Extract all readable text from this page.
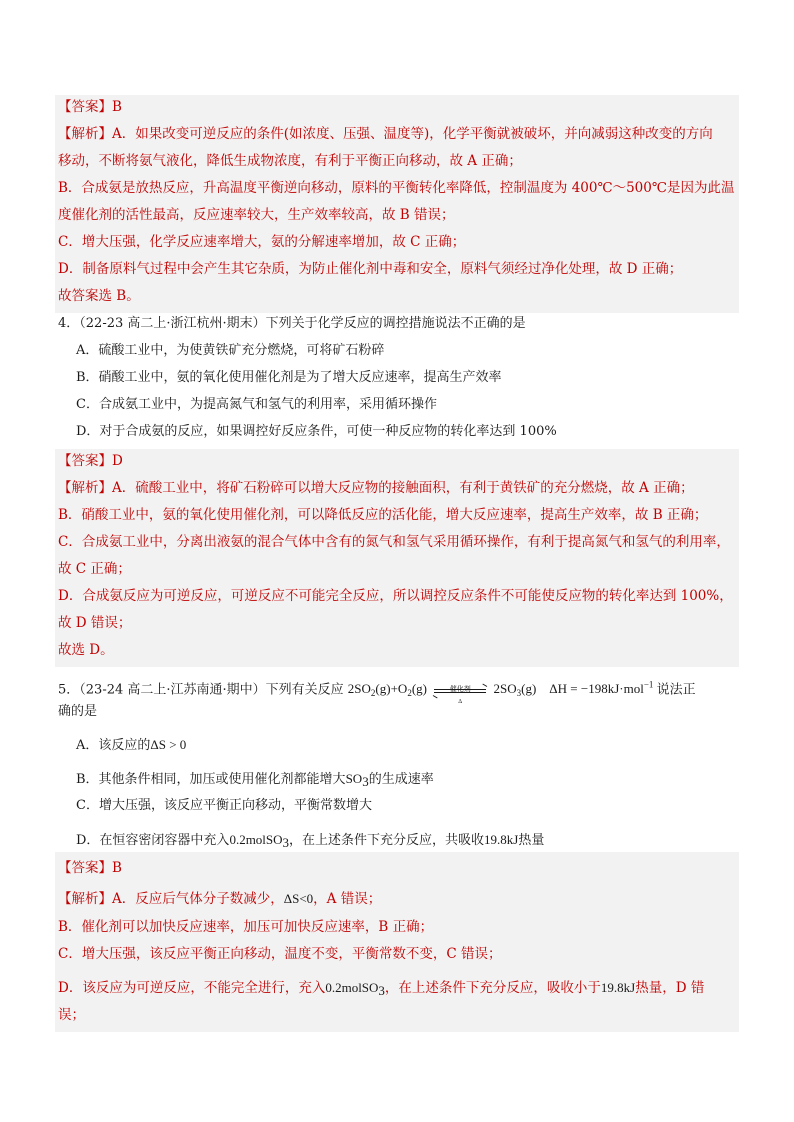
【答案】B
【解析】A．如果改变可逆反应的条件(如浓度、压强、温度等)，化学平衡就被破坏，并向减弱这种改变的方向
移动，不断将氨气液化，降低生成物浓度，有利于平衡正向移动，故 A 正确；
B．合成氨是放热反应，升高温度平衡逆向移动，原料的平衡转化率降低，控制温度为 400℃～500℃是因为此温
度催化剂的活性最高，反应速率较大，生产效率较高，故 B 错误；
C．增大压强，化学反应速率增大，氨的分解速率增加，故 C 正确；
D．制备原料气过程中会产生其它杂质，为防止催化剂中毒和安全，原料气须经过净化处理，故 D 正确；
故答案选 B。
4．（22-23 高二上·浙江杭州·期末）下列关于化学反应的调控措施说法不正确的是
A．硫酸工业中，为使黄铁矿充分燃烧，可将矿石粉碎
B．硝酸工业中，氨的氧化使用催化剂是为了增大反应速率，提高生产效率
C．合成氨工业中，为提高氮气和氢气的利用率，采用循环操作
D．对于合成氨的反应，如果调控好反应条件，可使一种反应物的转化率达到 100%
【答案】D
【解析】A．硫酸工业中，将矿石粉碎可以增大反应物的接触面积，有利于黄铁矿的充分燃烧，故 A 正确；
B．硝酸工业中，氨的氧化使用催化剂，可以降低反应的活化能，增大反应速率，提高生产效率，故 B 正确；
C．合成氨工业中，分离出液氨的混合气体中含有的氮气和氢气采用循环操作，有利于提高氮气和氢气的利用率，
故 C 正确；
D．合成氨反应为可逆反应，可逆反应不可能完全反应，所以调控反应条件不可能使反应物的转化率达到 100%，
故 D 错误；
故选 D。
5．（23-24 高二上·江苏南通·期中）下列有关反应 $2SO_2(g)+O_2(g)$	催化剂
Δ
$2SO_3(g) \Delta H = -198kJ\cdot mol^{-1}$ 说法正
确的是
A．该反应的ΔS > 0
B．其他条件相同，加压或使用催化剂都能增大$SO_3$的生成速率
C．增大压强，该反应平衡正向移动，平衡常数增大
D．在恒容密闭容器中充入0.2molSO$_3$，在上述条件下充分反应，共吸收19.8kJ热量
【答案】B
【解析】A．反应后气体分子数减少，ΔS<0，A 错误；
B．催化剂可以加快反应速率，加压可加快反应速率，B 正确；
C．增大压强，该反应平衡正向移动，温度不变，平衡常数不变，C 错误；
D．该反应为可逆反应，不能完全进行，充入0.2molSO$_3$，在上述条件下充分反应，吸收小于19.8kJ热量，D 错
误；
